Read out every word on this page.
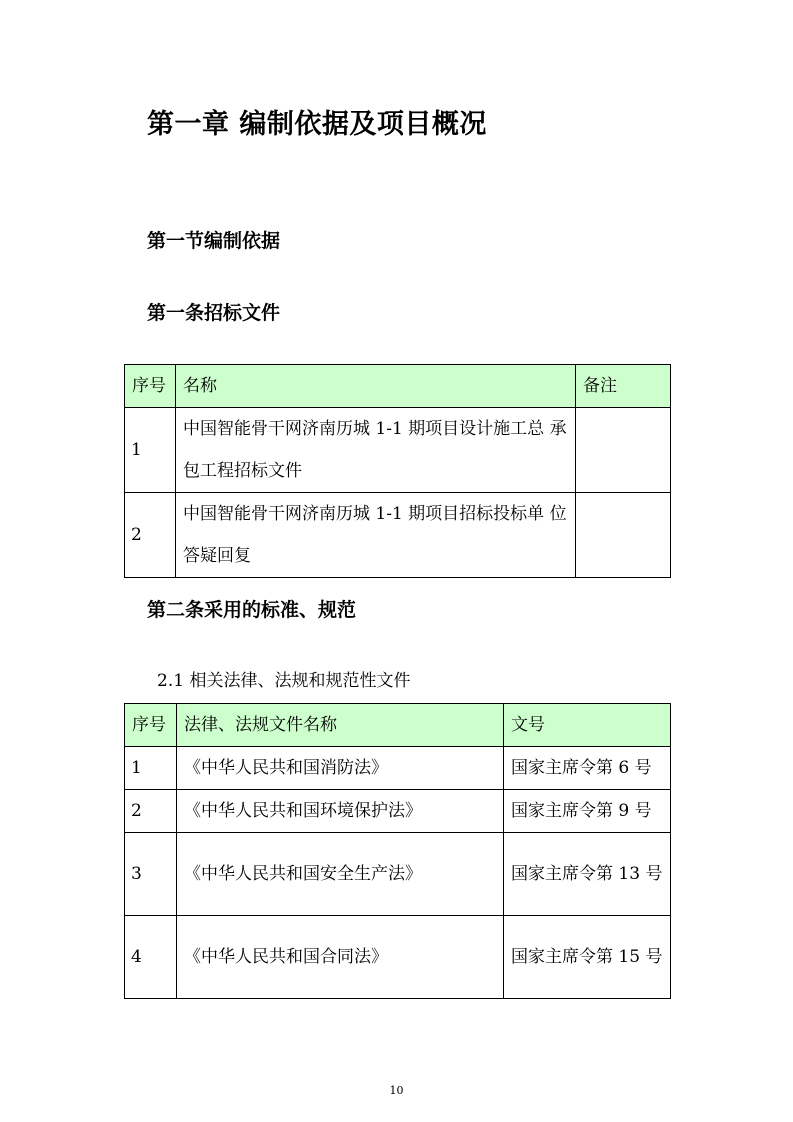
第一章 编制依据及项目概况
第一节编制依据
第一条招标文件
序号	名称	备注
1	中国智能骨干网济南历城 1-1 期项目设计施工总 承包工程招标文件	
2	中国智能骨干网济南历城 1-1 期项目招标投标单 位答疑回复	
第二条采用的标准、规范
2.1 相关法律、法规和规范性文件
序号	法律、法规文件名称	文号
1	《中华人民共和国消防法》	国家主席令第 6 号
2	《中华人民共和国环境保护法》	国家主席令第 9 号
3	《中华人民共和国安全生产法》	国家主席令第 13 号
4	《中华人民共和国合同法》	国家主席令第 15 号
10
